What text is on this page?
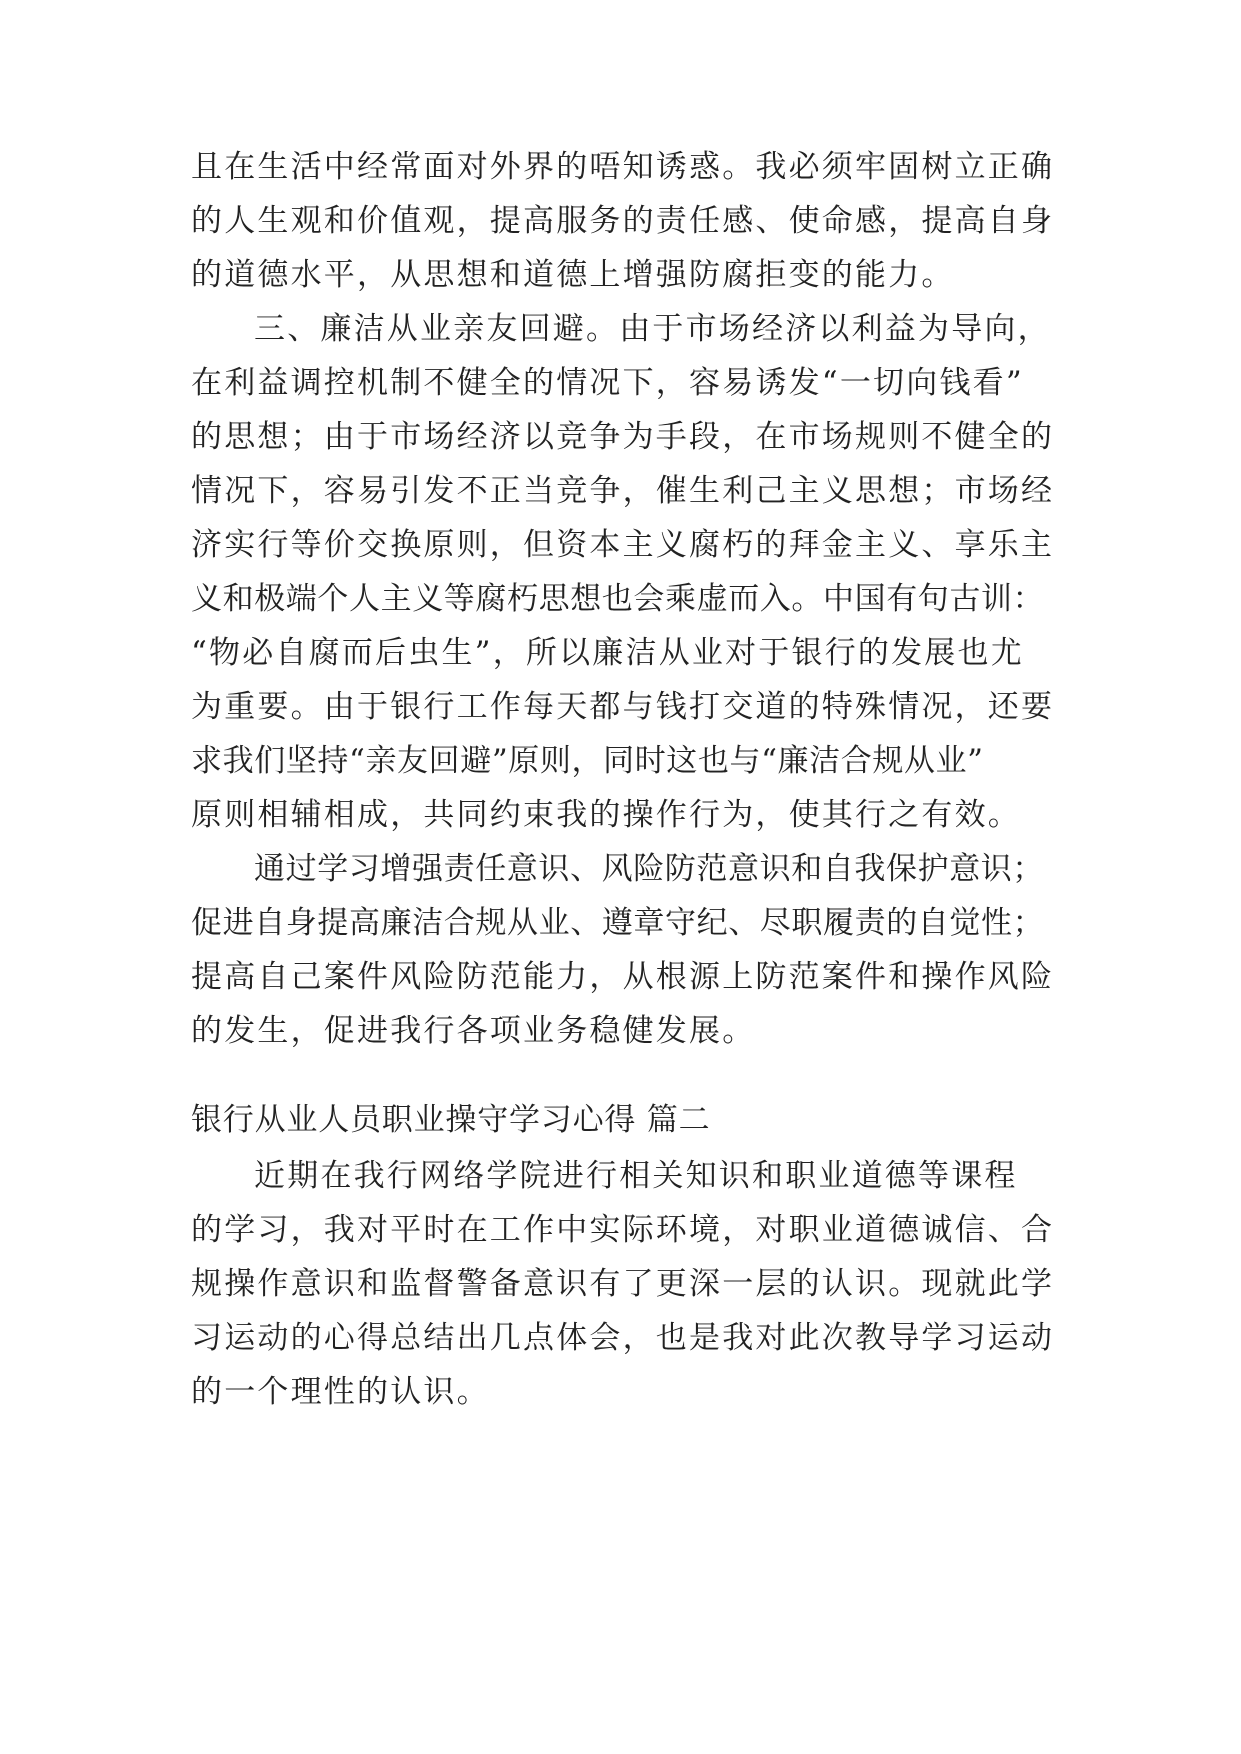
且在生活中经常面对外界的唔知诱惑。我必须牢固树立正确
的人生观和价值观，提高服务的责任感、使命感，提高自身
的道德水平，从思想和道德上增强防腐拒变的能力。
三、廉洁从业亲友回避。由于市场经济以利益为导向，
在利益调控机制不健全的情况下，容易诱发“一切向钱看”
的思想；由于市场经济以竞争为手段，在市场规则不健全的
情况下，容易引发不正当竞争，催生利己主义思想；市场经
济实行等价交换原则，但资本主义腐朽的拜金主义、享乐主
义和极端个人主义等腐朽思想也会乘虚而入。中国有句古训：
“物必自腐而后虫生”，所以廉洁从业对于银行的发展也尤
为重要。由于银行工作每天都与钱打交道的特殊情况，还要
求我们坚持“亲友回避”原则，同时这也与“廉洁合规从业”
原则相辅相成，共同约束我的操作行为，使其行之有效。
通过学习增强责任意识、风险防范意识和自我保护意识；
促进自身提高廉洁合规从业、遵章守纪、尽职履责的自觉性；
提高自己案件风险防范能力，从根源上防范案件和操作风险
的发生，促进我行各项业务稳健发展。
银行从业人员职业操守学习心得 篇二
近期在我行网络学院进行相关知识和职业道德等课程
的学习，我对平时在工作中实际环境，对职业道德诚信、合
规操作意识和监督警备意识有了更深一层的认识。现就此学
习运动的心得总结出几点体会，也是我对此次教导学习运动
的一个理性的认识。
